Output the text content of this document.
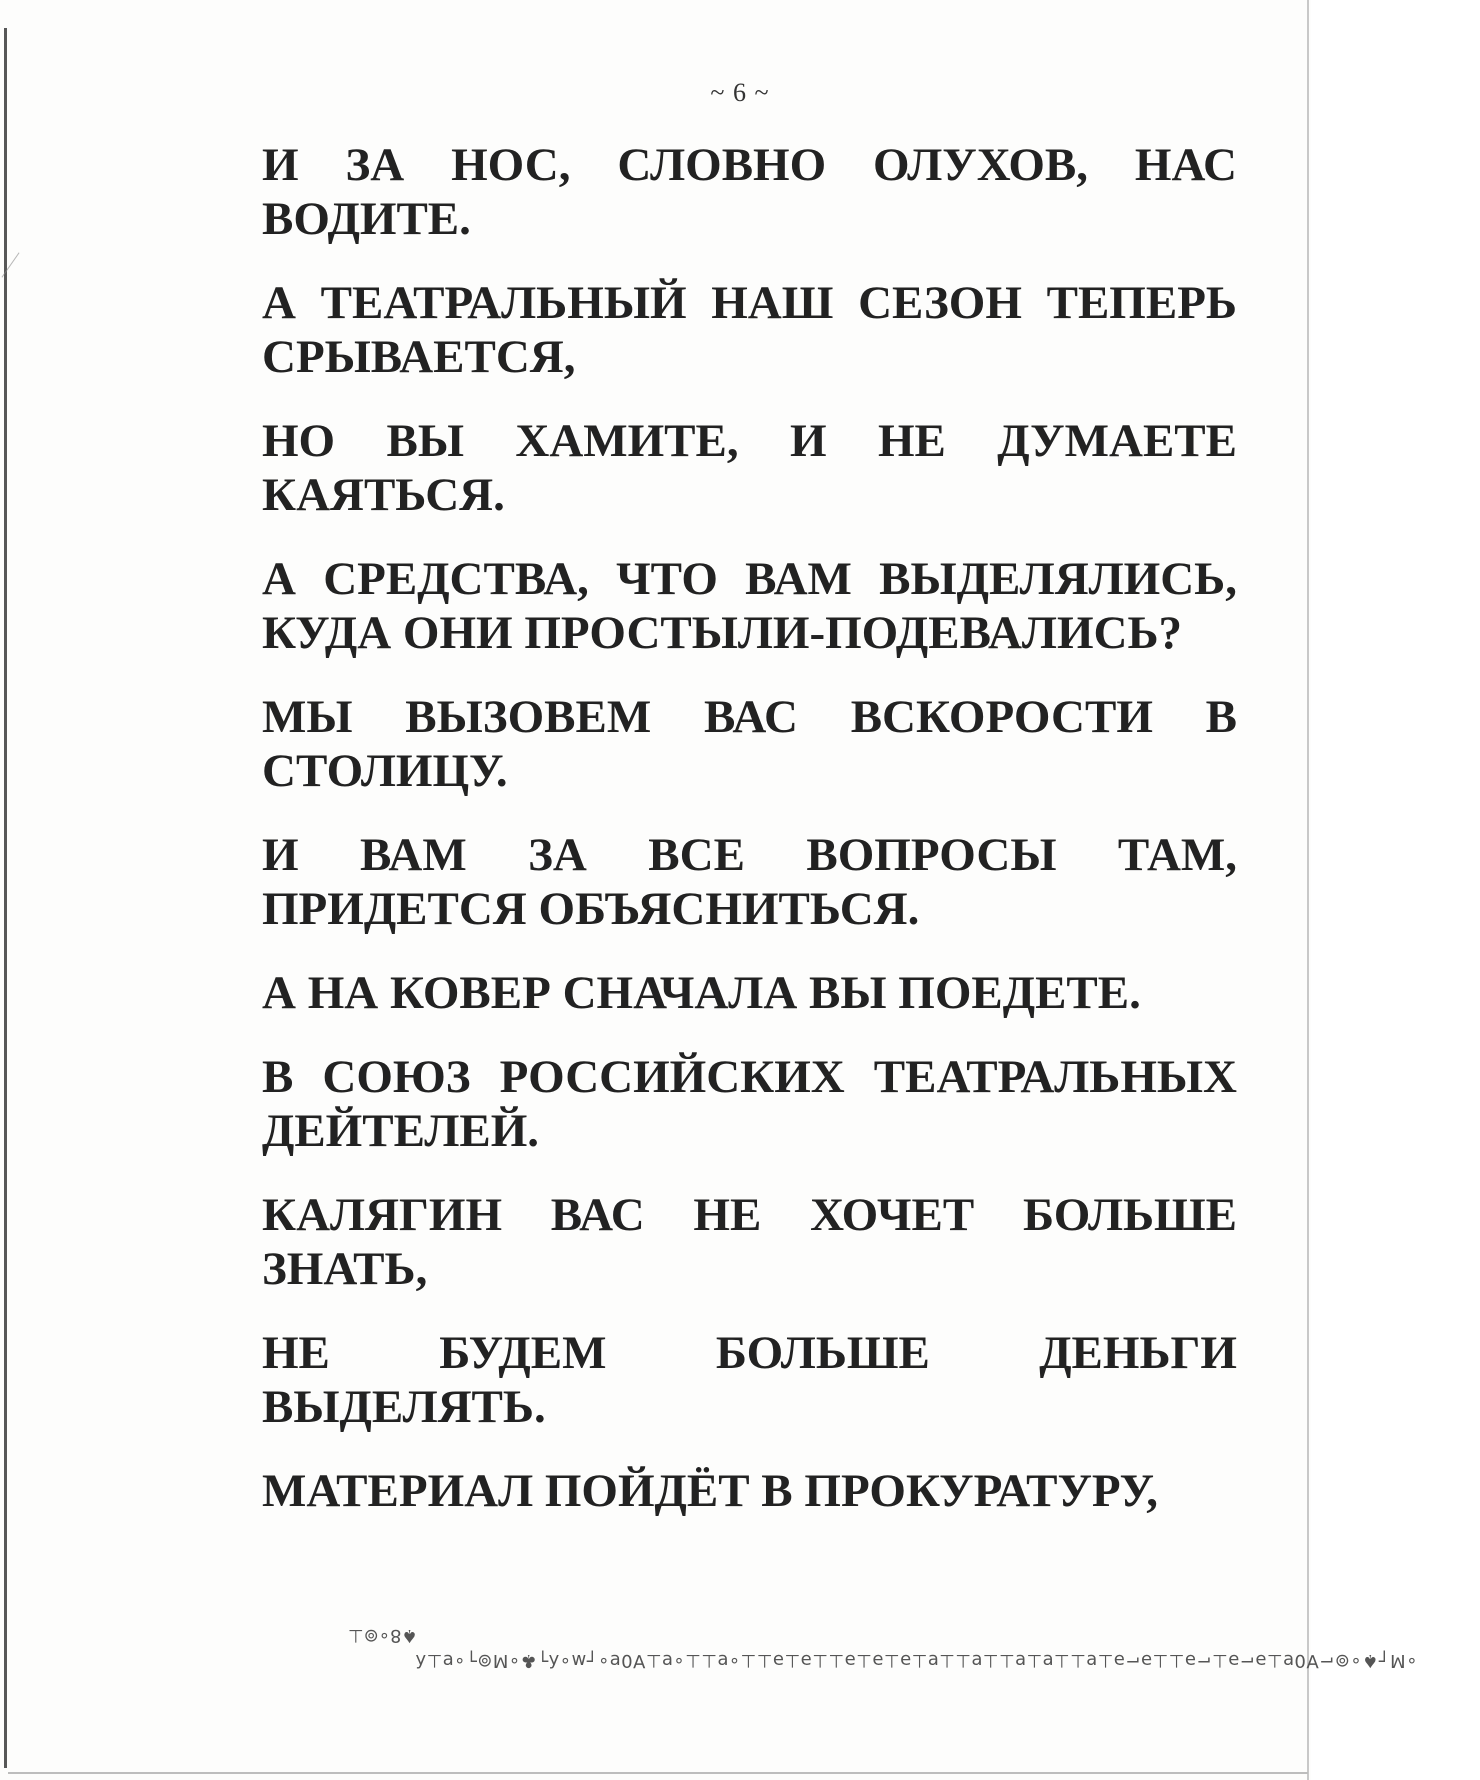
~ 6 ~

И ЗА НОС, СЛОВНО ОЛУХОВ, НАС ВОДИТЕ.

А ТЕАТРАЛЬНЫЙ НАШ СЕЗОН ТЕПЕРЬ СРЫВАЕТСЯ,

НО ВЫ ХАМИТЕ, И НЕ ДУМАЕТЕ КАЯТЬСЯ.

А СРЕДСТВА, ЧТО ВАМ ВЫДЕЛЯЛИСЬ, КУДА ОНИ ПРОСТЫЛИ-ПОДЕВАЛИСЬ?

МЫ ВЫЗОВЕМ ВАС ВСКОРОСТИ В СТОЛИЦУ.

И ВАМ ЗА ВСЕ ВОПРОСЫ ТАМ, ПРИДЕТСЯ ОБЪЯСНИТЬСЯ.

А НА КОВЕР СНАЧАЛА ВЫ ПОЕДЕТЕ.

В СОЮЗ РОССИЙСКИХ ТЕАТРАЛЬНЫХ ДЕЙТЕЛЕЙ.

КАЛЯГИН ВАС НЕ ХОЧЕТ БОЛЬШЕ ЗНАТЬ,

НЕ БУДЕМ БОЛЬШЕ ДЕНЬГИ ВЫДЕЛЯТЬ.

МАТЕРИАЛ ПОЙДЁТ В ПРОКУРАТУРУ,

♠8∘⊚⊥
∘M┌♠∘⊚⌐∀0ɐ⊥ǝ⌐ǝ⊥⌐ǝ⊥⊥ǝ⌐ǝ⊥ɐ⊥⊥ɐ⊥ɐ⊥⊥ɐ⊥⊥ɐ⊥ǝ⊥ǝ⊥ǝ⊥⊥ǝ⊥ǝ⊥⊥∘ɐ⊥⊥∘ɐ⊥∀0ɐ∘┌ʍ∘ʎ┐♣∘M⊚┐∘ɐ⊥ʎ
